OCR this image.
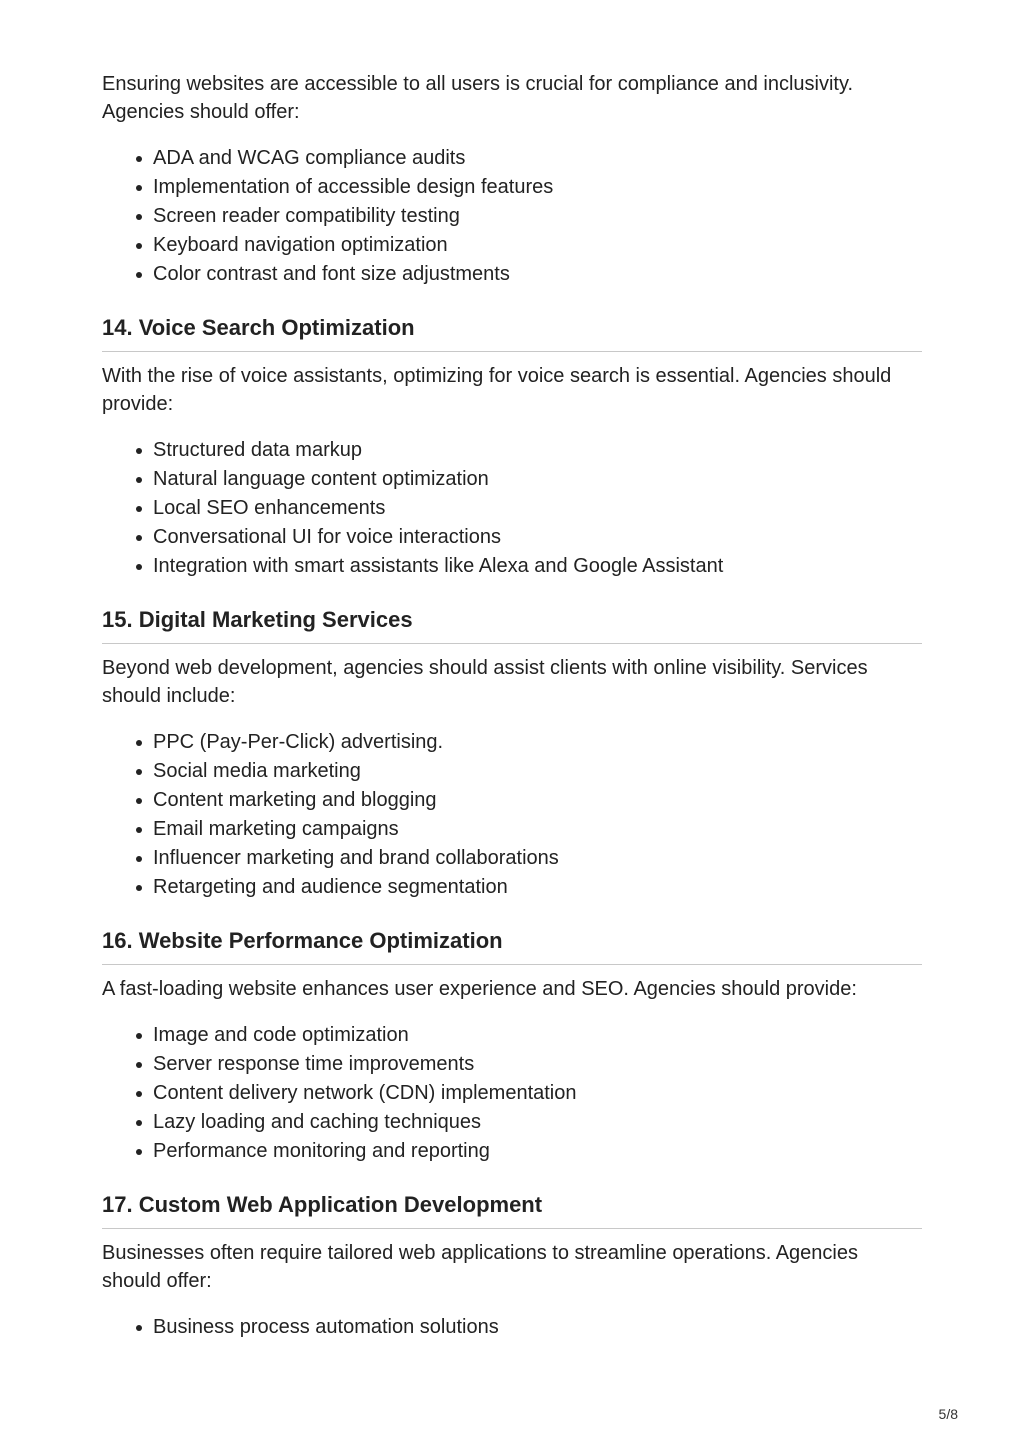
Ensuring websites are accessible to all users is crucial for compliance and inclusivity. Agencies should offer:

ADA and WCAG compliance audits
Implementation of accessible design features
Screen reader compatibility testing
Keyboard navigation optimization
Color contrast and font size adjustments
14. Voice Search Optimization

With the rise of voice assistants, optimizing for voice search is essential. Agencies should provide:

Structured data markup
Natural language content optimization
Local SEO enhancements
Conversational UI for voice interactions
Integration with smart assistants like Alexa and Google Assistant
15. Digital Marketing Services

Beyond web development, agencies should assist clients with online visibility. Services should include:

PPC (Pay-Per-Click) advertising.
Social media marketing
Content marketing and blogging
Email marketing campaigns
Influencer marketing and brand collaborations
Retargeting and audience segmentation
16. Website Performance Optimization

A fast-loading website enhances user experience and SEO. Agencies should provide:

Image and code optimization
Server response time improvements
Content delivery network (CDN) implementation
Lazy loading and caching techniques
Performance monitoring and reporting
17. Custom Web Application Development

Businesses often require tailored web applications to streamline operations. Agencies should offer:

Business process automation solutions
5/8
